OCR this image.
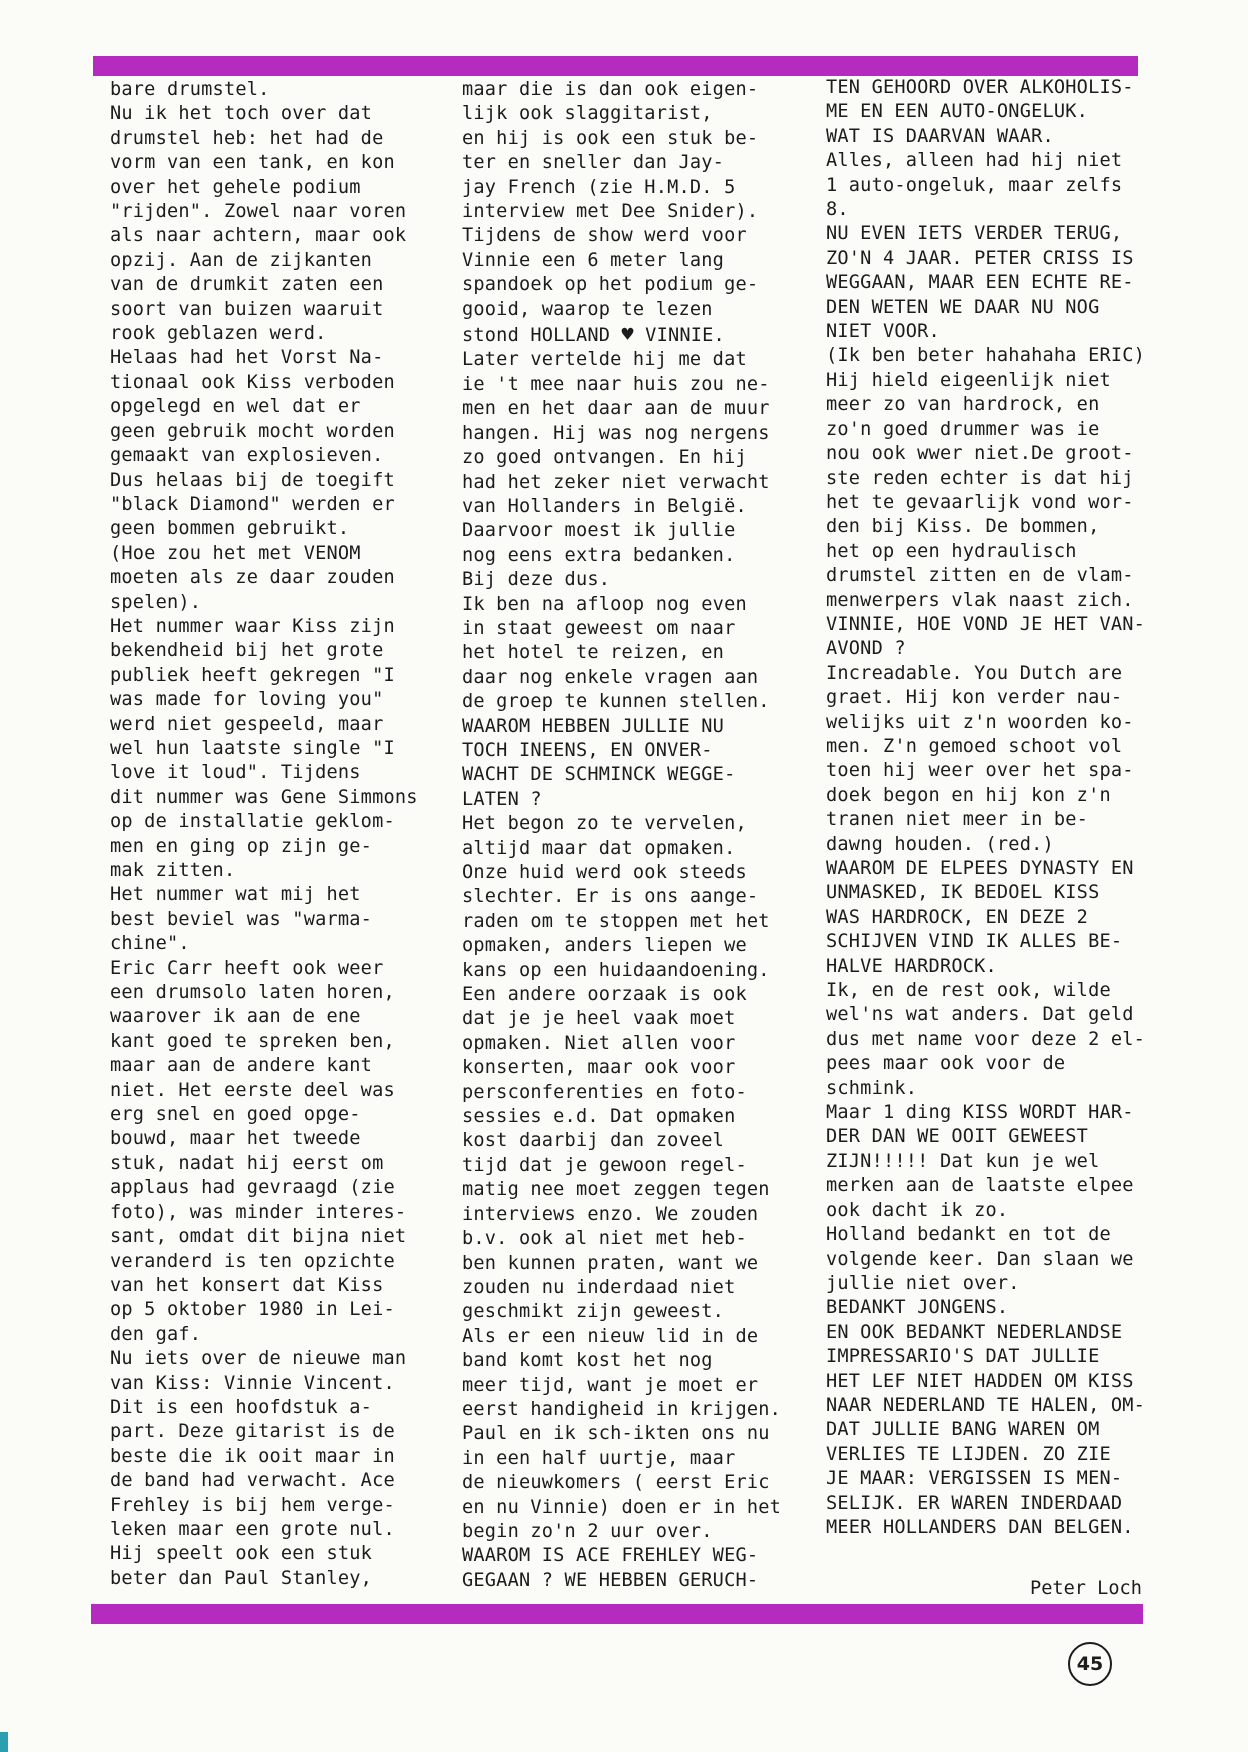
bare drumstel.
Nu ik het toch over dat
drumstel heb: het had de
vorm van een tank, en kon
over het gehele podium
"rijden". Zowel naar voren
als naar achtern, maar ook
opzij. Aan de zijkanten
van de drumkit zaten een
soort van buizen waaruit
rook geblazen werd.
Helaas had het Vorst Na-
tionaal ook Kiss verboden
opgelegd en wel dat er
geen gebruik mocht worden
gemaakt van explosieven.
Dus helaas bij de toegift
"black Diamond" werden er
geen bommen gebruikt.
(Hoe zou het met VENOM
moeten als ze daar zouden
spelen).
Het nummer waar Kiss zijn
bekendheid bij het grote
publiek heeft gekregen "I
was made for loving you"
werd niet gespeeld, maar
wel hun laatste single "I
love it loud". Tijdens
dit nummer was Gene Simmons
op de installatie geklom-
men en ging op zijn ge-
mak zitten.
Het nummer wat mij het
best beviel was "warma-
chine".
Eric Carr heeft ook weer
een drumsolo laten horen,
waarover ik aan de ene
kant goed te spreken ben,
maar aan de andere kant
niet. Het eerste deel was
erg snel en goed opge-
bouwd, maar het tweede
stuk, nadat hij eerst om
applaus had gevraagd (zie
foto), was minder interes-
sant, omdat dit bijna niet
veranderd is ten opzichte
van het konsert dat Kiss
op 5 oktober 1980 in Lei-
den gaf.
Nu iets over de nieuwe man
van Kiss: Vinnie Vincent.
Dit is een hoofdstuk a-
part. Deze gitarist is de
beste die ik ooit maar in
de band had verwacht. Ace
Frehley is bij hem verge-
leken maar een grote nul.
Hij speelt ook een stuk
beter dan Paul Stanley,
maar die is dan ook eigen-
lijk ook slaggitarist,
en hij is ook een stuk be-
ter en sneller dan Jay-
jay French (zie H.M.D. 5
interview met Dee Snider).
Tijdens de show werd voor
Vinnie een 6 meter lang
spandoek op het podium ge-
gooid, waarop te lezen
stond HOLLAND ♥ VINNIE.
Later vertelde hij me dat
ie 't mee naar huis zou ne-
men en het daar aan de muur
hangen. Hij was nog nergens
zo goed ontvangen. En hij
had het zeker niet verwacht
van Hollanders in België.
Daarvoor moest ik jullie
nog eens extra bedanken.
Bij deze dus.
Ik ben na afloop nog even
in staat geweest om naar
het hotel te reizen, en
daar nog enkele vragen aan
de groep te kunnen stellen.
WAAROM HEBBEN JULLIE NU
TOCH INEENS, EN ONVER-
WACHT DE SCHMINCK WEGGE-
LATEN ?
Het begon zo te vervelen,
altijd maar dat opmaken.
Onze huid werd ook steeds
slechter. Er is ons aange-
raden om te stoppen met het
opmaken, anders liepen we
kans op een huidaandoening.
Een andere oorzaak is ook
dat je je heel vaak moet
opmaken. Niet allen voor
konserten, maar ook voor
persconferenties en foto-
sessies e.d. Dat opmaken
kost daarbij dan zoveel
tijd dat je gewoon regel-
matig nee moet zeggen tegen
interviews enzo. We zouden
b.v. ook al niet met heb-
ben kunnen praten, want we
zouden nu inderdaad niet
geschmikt zijn geweest.
Als er een nieuw lid in de
band komt kost het nog
meer tijd, want je moet er
eerst handigheid in krijgen.
Paul en ik sch-ikten ons nu
in een half uurtje, maar
de nieuwkomers ( eerst Eric
en nu Vinnie) doen er in het
begin zo'n 2 uur over.
WAAROM IS ACE FREHLEY WEG-
GEGAAN ? WE HEBBEN GERUCH-
TEN GEHOORD OVER ALKOHOLIS-
ME EN EEN AUTO-ONGELUK.
WAT IS DAARVAN WAAR.
Alles, alleen had hij niet
1 auto-ongeluk, maar zelfs
8.
NU EVEN IETS VERDER TERUG,
ZO'N 4 JAAR. PETER CRISS IS
WEGGAAN, MAAR EEN ECHTE RE-
DEN WETEN WE DAAR NU NOG
NIET VOOR.
(Ik ben beter hahahaha ERIC)
Hij hield eigeenlijk niet
meer zo van hardrock, en
zo'n goed drummer was ie
nou ook wwer niet.De groot-
ste reden echter is dat hij
het te gevaarlijk vond wor-
den bij Kiss. De bommen,
het op een hydraulisch
drumstel zitten en de vlam-
menwerpers vlak naast zich.
VINNIE, HOE VOND JE HET VAN-
AVOND ?
Increadable. You Dutch are
graet. Hij kon verder nau-
welijks uit z'n woorden ko-
men. Z'n gemoed schoot vol
toen hij weer over het spa-
doek begon en hij kon z'n
tranen niet meer in be-
dawng houden. (red.)
WAAROM DE ELPEES DYNASTY EN
UNMASKED, IK BEDOEL KISS
WAS HARDROCK, EN DEZE 2
SCHIJVEN VIND IK ALLES BE-
HALVE HARDROCK.
Ik, en de rest ook, wilde
wel'ns wat anders. Dat geld
dus met name voor deze 2 el-
pees maar ook voor de
schmink.
Maar 1 ding KISS WORDT HAR-
DER DAN WE OOIT GEWEEST
ZIJN!!!!! Dat kun je wel
merken aan de laatste elpee
ook dacht ik zo.
Holland bedankt en tot de
volgende keer. Dan slaan we
jullie niet over.
BEDANKT JONGENS.
EN OOK BEDANKT NEDERLANDSE
IMPRESSARIO'S DAT JULLIE
HET LEF NIET HADDEN OM KISS
NAAR NEDERLAND TE HALEN, OM-
DAT JULLIE BANG WAREN OM
VERLIES TE LIJDEN. ZO ZIE
JE MAAR: VERGISSEN IS MEN-
SELIJK. ER WAREN INDERDAAD
MEER HOLLANDERS DAN BELGEN.
Peter Loch
45
